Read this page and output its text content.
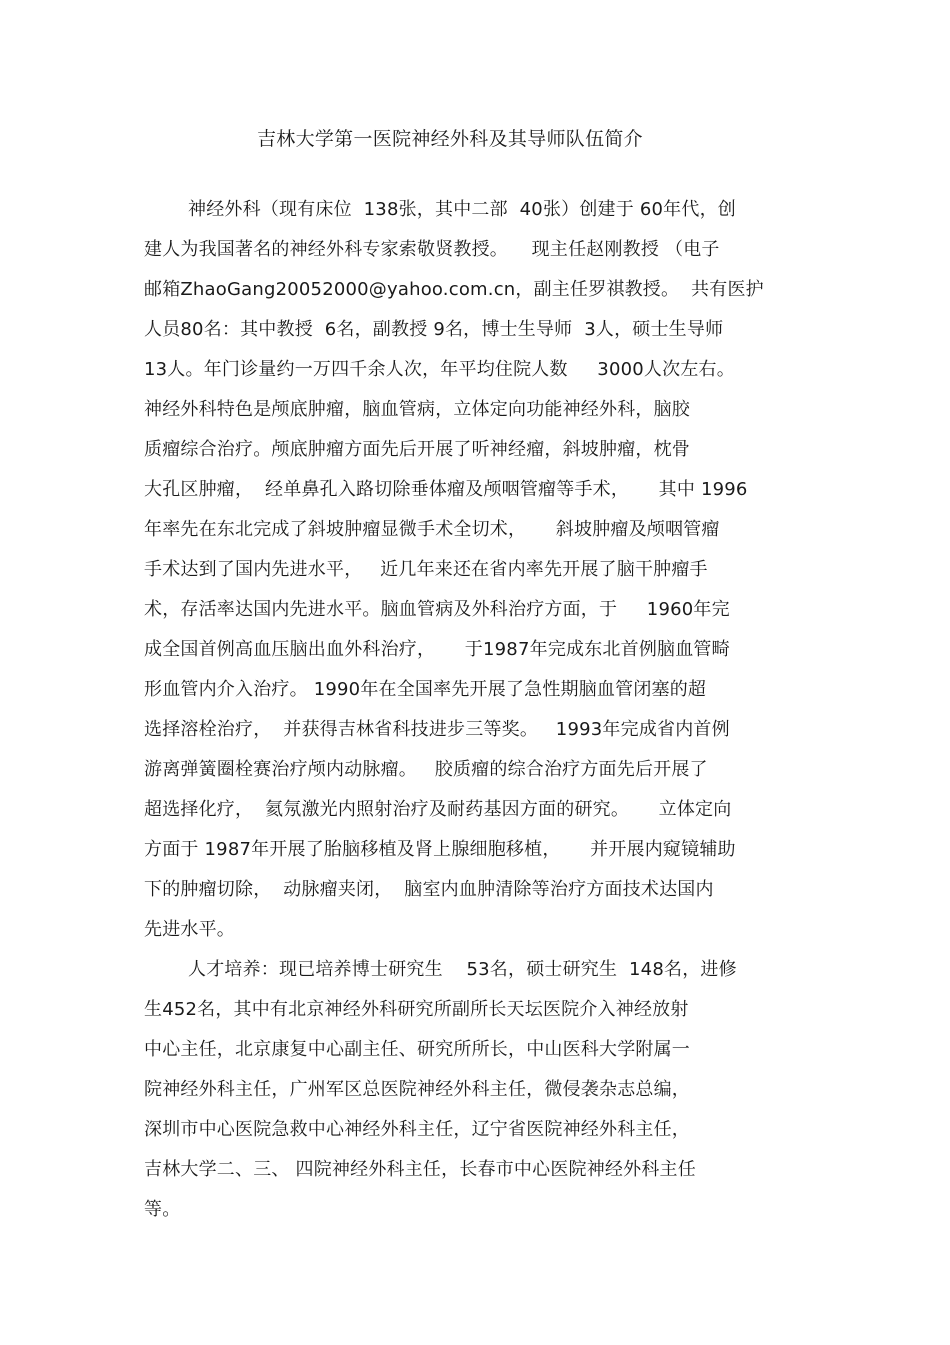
吉林大学第一医院神经外科及其导师队伍简介
神经外科（现有床位  138张，其中二部  40张）创建于 60年代，创
建人为我国著名的神经外科专家索敬贤教授。    现主任赵刚教授 （电子
邮箱ZhaoGang20052000@yahoo.com.cn，副主任罗祺教授。  共有医护
人员80名：其中教授  6名，副教授 9名，博士生导师  3人，硕士生导师
13人。年门诊量约一万四千余人次，年平均住院人数     3000人次左右。
神经外科特色是颅底肿瘤，脑血管病，立体定向功能神经外科，脑胶
质瘤综合治疗。颅底肿瘤方面先后开展了听神经瘤，斜坡肿瘤，枕骨
大孔区肿瘤，  经单鼻孔入路切除垂体瘤及颅咽管瘤等手术，     其中 1996
年率先在东北完成了斜坡肿瘤显微手术全切术，     斜坡肿瘤及颅咽管瘤
手术达到了国内先进水平，   近几年来还在省内率先开展了脑干肿瘤手
术，存活率达国内先进水平。脑血管病及外科治疗方面，于     1960年完
成全国首例高血压脑出血外科治疗，     于1987年完成东北首例脑血管畸
形血管内介入治疗。 1990年在全国率先开展了急性期脑血管闭塞的超
选择溶栓治疗，  并获得吉林省科技进步三等奖。   1993年完成省内首例
游离弹簧圈栓赛治疗颅内动脉瘤。   胶质瘤的综合治疗方面先后开展了
超选择化疗，  氦氖激光内照射治疗及耐药基因方面的研究。     立体定向
方面于 1987年开展了胎脑移植及肾上腺细胞移植，     并开展内窥镜辅助
下的肿瘤切除，  动脉瘤夹闭，  脑室内血肿清除等治疗方面技术达国内
先进水平。
人才培养：现已培养博士研究生    53名，硕士研究生  148名，进修
生452名，其中有北京神经外科研究所副所长天坛医院介入神经放射
中心主任，北京康复中心副主任、研究所所长，中山医科大学附属一
院神经外科主任，广州军区总医院神经外科主任，微侵袭杂志总编，
深圳市中心医院急救中心神经外科主任，辽宁省医院神经外科主任，
吉林大学二、三、 四院神经外科主任，长春市中心医院神经外科主任
等。
